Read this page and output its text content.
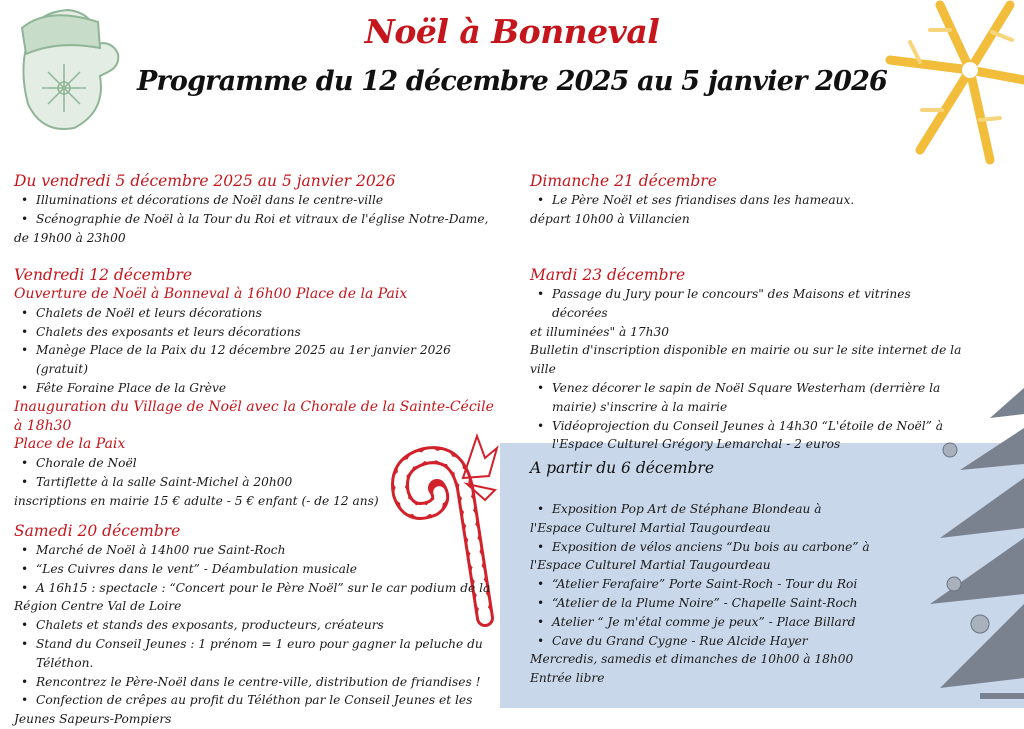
Noël à Bonneval
Programme du 12 décembre 2025 au 5 janvier 2026
Du vendredi 5 décembre 2025 au 5 janvier 2026
• Illuminations et décorations de Noël dans le centre-ville
• Scénographie de Noël à la Tour du Roi et vitraux de l'église Notre-Dame,

de 19h00 à 23h00

Vendredi 12 décembre
Ouverture de Noël à Bonneval à 16h00 Place de la Paix
• Chalets de Noël et leurs décorations
• Chalets des exposants et leurs décorations
• Manège Place de la Paix du 12 décembre 2025 au 1er janvier 2026 (gratuit)
• Fête Foraine Place de la Grève
Inauguration du Village de Noël avec la Chorale de la Sainte-Cécile à 18h30
Place de la Paix
• Chorale de Noël
• Tartiflette à la salle Saint-Michel à 20h00

inscriptions en mairie 15 € adulte - 5 € enfant (- de 12 ans)

Samedi 20 décembre
• Marché de Noël à 14h00 rue Saint-Roch
• “Les Cuivres dans le vent” - Déambulation musicale
• A 16h15 : spectacle : “Concert pour le Père Noël” sur le car podium de la

Région Centre Val de Loire

• Chalets et stands des exposants, producteurs, créateurs
• Stand du Conseil Jeunes : 1 prénom = 1 euro pour gagner la peluche du Téléthon.
• Rencontrez le Père-Noël dans le centre-ville, distribution de friandises !
• Confection de crêpes au profit du Téléthon par le Conseil Jeunes et les

Jeunes Sapeurs-Pompiers

Dimanche 21 décembre
• Le Père Noël et ses friandises dans les hameaux.

départ 10h00 à Villancien

Mardi 23 décembre
• Passage du Jury pour le concours" des Maisons et vitrines décorées

et illuminées" à 17h30

Bulletin d'inscription disponible en mairie ou sur le site internet de la ville

• Venez décorer le sapin de Noël Square Westerham (derrière la mairie) s'inscrire à la mairie
• Vidéoprojection du Conseil Jeunes à 14h30 “L'étoile de Noël” à l'Espace Culturel Grégory Lemarchal - 2 euros
A partir du 6 décembre
• Exposition Pop Art de Stéphane Blondeau à

l'Espace Culturel Martial Taugourdeau

• Exposition de vélos anciens “Du bois au carbone” à

l'Espace Culturel Martial Taugourdeau

• “Atelier Ferafaire” Porte Saint-Roch - Tour du Roi
• “Atelier de la Plume Noire” - Chapelle Saint-Roch
• Atelier “ Je m'étal comme je peux” - Place Billard
• Cave du Grand Cygne - Rue Alcide Hayer

Mercredis, samedis et dimanches de 10h00 à 18h00

Entrée libre
